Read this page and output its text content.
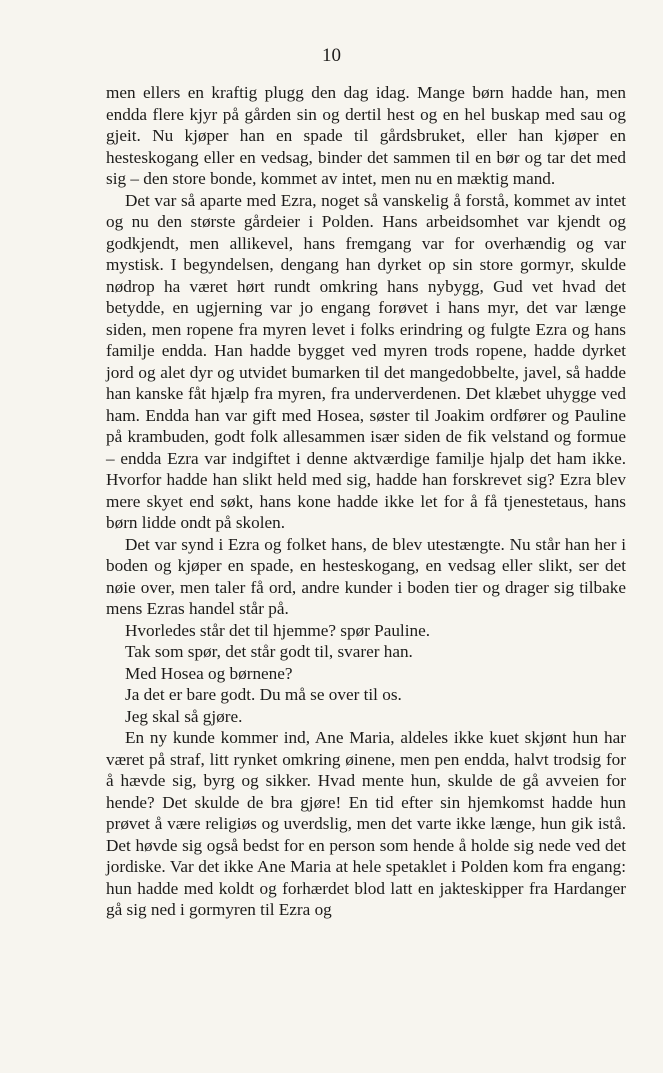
10

men ellers en kraftig plugg den dag idag. Mange børn hadde han, men endda flere kjyr på gården sin og dertil hest og en hel buskap med sau og gjeit. Nu kjøper han en spade til gårdsbruket, eller han kjøper en hesteskogang eller en vedsag, binder det sammen til en bør og tar det med sig – den store bonde, kommet av intet, men nu en mæktig mand.

Det var så aparte med Ezra, noget så vanskelig å forstå, kommet av intet og nu den største gårdeier i Polden. Hans arbeidsomhet var kjendt og godkjendt, men allikevel, hans fremgang var for overhændig og var mystisk. I begyndelsen, dengang han dyrket op sin store gormyr, skulde nødrop ha været hørt rundt omkring hans nybygg, Gud vet hvad det betydde, en ugjerning var jo engang forøvet i hans myr, det var længe siden, men ropene fra myren levet i folks erindring og fulgte Ezra og hans familje endda. Han hadde bygget ved myren trods ropene, hadde dyrket jord og alet dyr og utvidet bumarken til det mangedobbelte, javel, så hadde han kanske fåt hjælp fra myren, fra underverdenen. Det klæbet uhygge ved ham. Endda han var gift med Hosea, søster til Joakim ordfører og Pauline på krambuden, godt folk allesammen især siden de fik velstand og formue – endda Ezra var indgiftet i denne aktværdige familje hjalp det ham ikke. Hvorfor hadde han slikt held med sig, hadde han forskrevet sig? Ezra blev mere skyet end søkt, hans kone hadde ikke let for å få tjenestetaus, hans børn lidde ondt på skolen.

Det var synd i Ezra og folket hans, de blev utestængte. Nu står han her i boden og kjøper en spade, en hesteskogang, en vedsag eller slikt, ser det nøie over, men taler få ord, andre kunder i boden tier og drager sig tilbake mens Ezras handel står på.

Hvorledes står det til hjemme? spør Pauline.

Tak som spør, det står godt til, svarer han.

Med Hosea og børnene?

Ja det er bare godt. Du må se over til os.

Jeg skal så gjøre.

En ny kunde kommer ind, Ane Maria, aldeles ikke kuet skjønt hun har været på straf, litt rynket omkring øinene, men pen endda, halvt trodsig for å hævde sig, byrg og sikker. Hvad mente hun, skulde de gå avveien for hende? Det skulde de bra gjøre! En tid efter sin hjemkomst hadde hun prøvet å være religiøs og uverdslig, men det varte ikke længe, hun gik istå. Det høvde sig også bedst for en person som hende å holde sig nede ved det jordiske. Var det ikke Ane Maria at hele spetaklet i Polden kom fra engang: hun hadde med koldt og forhærdet blod latt en jakteskipper fra Hardanger gå sig ned i gormyren til Ezra og
